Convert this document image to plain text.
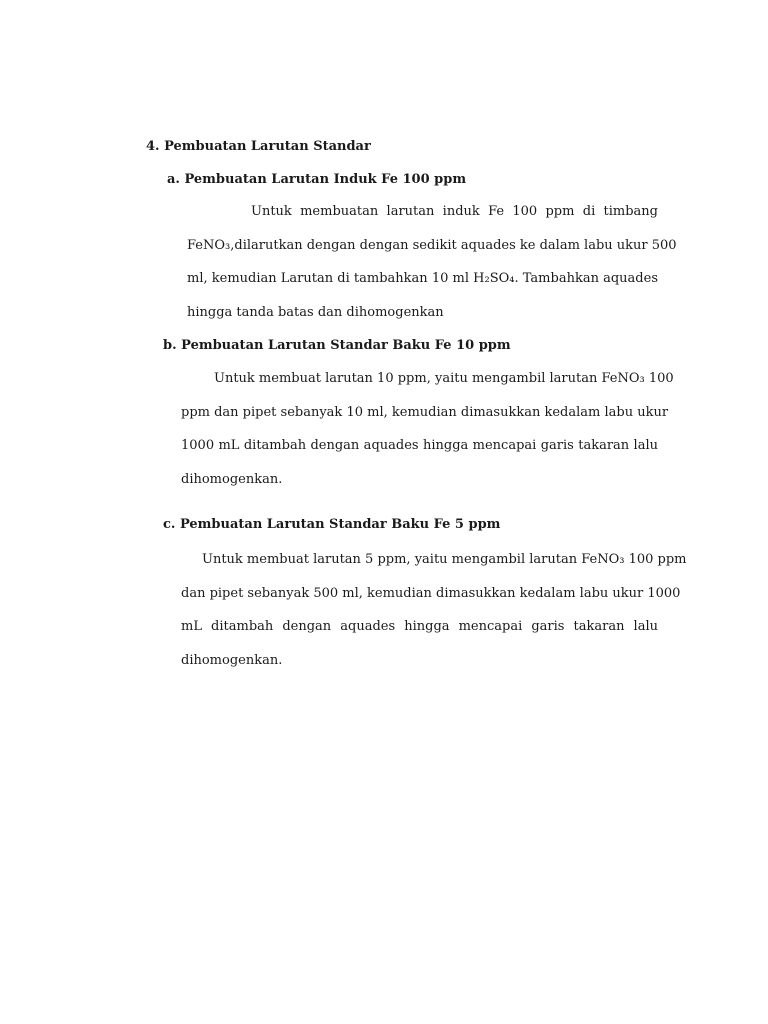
4. Pembuatan Larutan Standar
a. Pembuatan Larutan Induk Fe 100 ppm
Untuk membuatan larutan induk Fe 100 ppm di timbang
FeNO₃,dilarutkan dengan dengan sedikit aquades ke dalam labu ukur 500
ml, kemudian Larutan di tambahkan 10 ml H₂SO₄. Tambahkan aquades
hingga tanda batas dan dihomogenkan
b. Pembuatan Larutan Standar Baku Fe 10 ppm
Untuk membuat larutan 10 ppm, yaitu mengambil larutan FeNO₃ 100
ppm dan pipet sebanyak 10 ml, kemudian dimasukkan kedalam labu ukur
1000 mL ditambah dengan aquades hingga mencapai garis takaran lalu
dihomogenkan.
c. Pembuatan Larutan Standar Baku Fe 5 ppm
Untuk membuat larutan 5 ppm, yaitu mengambil larutan FeNO₃ 100 ppm
dan pipet sebanyak 500 ml, kemudian dimasukkan kedalam labu ukur 1000
mL ditambah dengan aquades hingga mencapai garis takaran lalu
dihomogenkan.
